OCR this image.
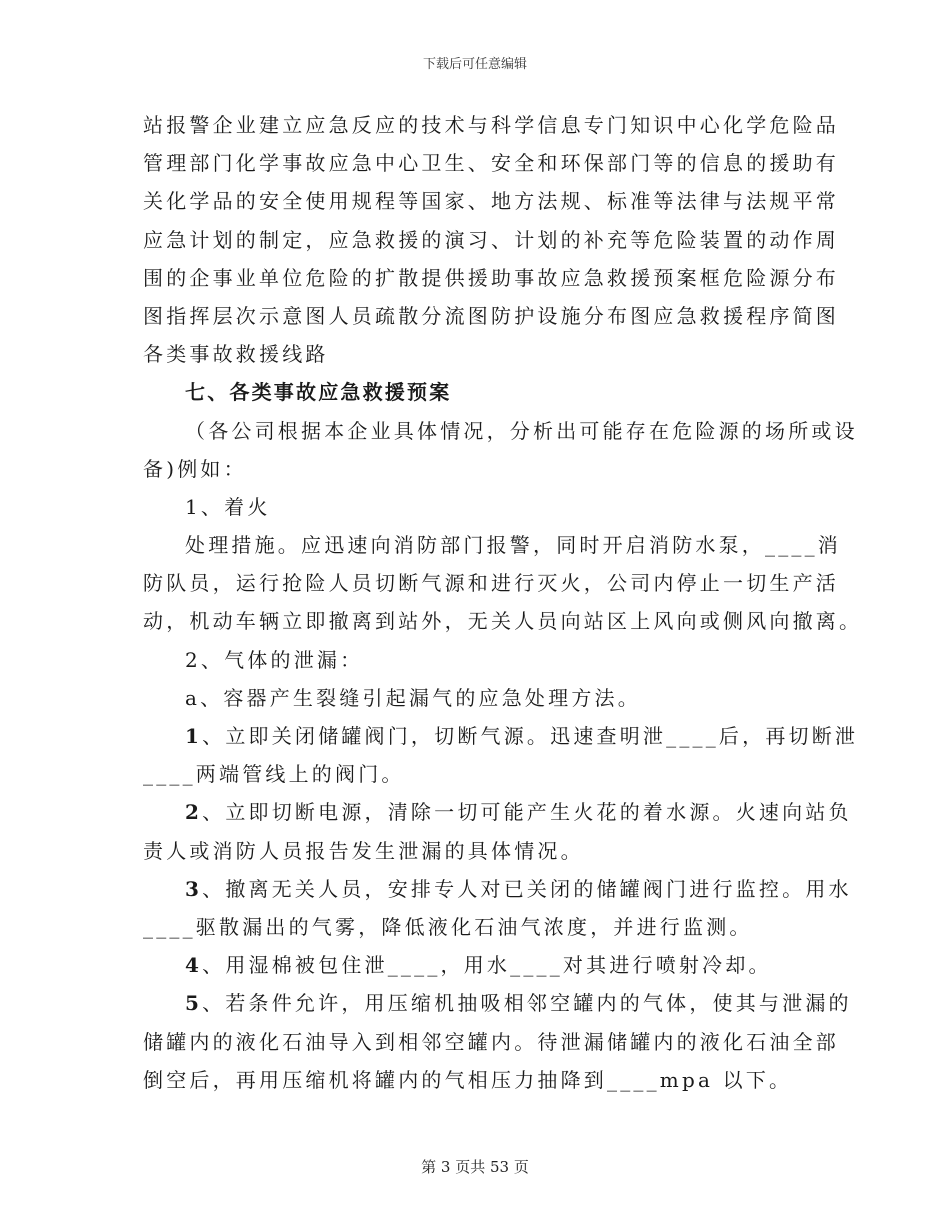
下载后可任意编辑
站报警企业建立应急反应的技术与科学信息专门知识中心化学危险品
管理部门化学事故应急中心卫生、安全和环保部门等的信息的援助有
关化学品的安全使用规程等国家、地方法规、标准等法律与法规平常
应急计划的制定，应急救援的演习、计划的补充等危险装置的动作周
围的企事业单位危险的扩散提供援助事故应急救援预案框危险源分布
图指挥层次示意图人员疏散分流图防护设施分布图应急救援程序简图
各类事故救援线路
七、各类事故应急救援预案
（各公司根据本企业具体情况，分析出可能存在危险源的场所或设
备)例如：
1、着火
处理措施。应迅速向消防部门报警，同时开启消防水泵，____消
防队员，运行抢险人员切断气源和进行灭火，公司内停止一切生产活
动，机动车辆立即撤离到站外，无关人员向站区上风向或侧风向撤离。
2、气体的泄漏：
a、容器产生裂缝引起漏气的应急处理方法。
1、立即关闭储罐阀门，切断气源。迅速查明泄____后，再切断泄
____两端管线上的阀门。
2、立即切断电源，清除一切可能产生火花的着水源。火速向站负
责人或消防人员报告发生泄漏的具体情况。
3、撤离无关人员，安排专人对已关闭的储罐阀门进行监控。用水
____驱散漏出的气雾，降低液化石油气浓度，并进行监测。
4、用湿棉被包住泄____，用水____对其进行喷射冷却。
5、若条件允许，用压缩机抽吸相邻空罐内的气体，使其与泄漏的
储罐内的液化石油导入到相邻空罐内。待泄漏储罐内的液化石油全部
倒空后，再用压缩机将罐内的气相压力抽降到____mpa 以下。
第 3 页共 53 页
